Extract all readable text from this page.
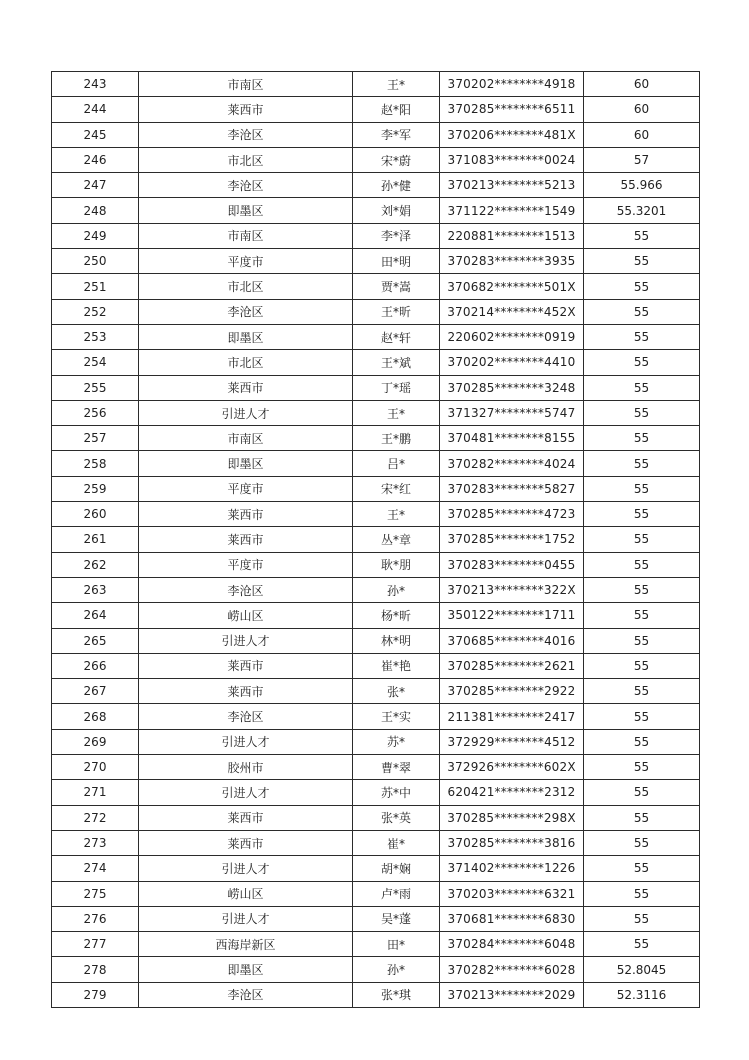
243	市南区	王*	370202********4918	60
244	莱西市	赵*阳	370285********6511	60
245	李沧区	李*军	370206********481X	60
246	市北区	宋*蔚	371083********0024	57
247	李沧区	孙*健	370213********5213	55.966
248	即墨区	刘*娟	371122********1549	55.3201
249	市南区	李*泽	220881********1513	55
250	平度市	田*明	370283********3935	55
251	市北区	贾*嵩	370682********501X	55
252	李沧区	王*昕	370214********452X	55
253	即墨区	赵*轩	220602********0919	55
254	市北区	王*斌	370202********4410	55
255	莱西市	丁*瑶	370285********3248	55
256	引进人才	王*	371327********5747	55
257	市南区	王*鹏	370481********8155	55
258	即墨区	吕*	370282********4024	55
259	平度市	宋*红	370283********5827	55
260	莱西市	王*	370285********4723	55
261	莱西市	丛*章	370285********1752	55
262	平度市	耿*朋	370283********0455	55
263	李沧区	孙*	370213********322X	55
264	崂山区	杨*昕	350122********1711	55
265	引进人才	林*明	370685********4016	55
266	莱西市	崔*艳	370285********2621	55
267	莱西市	张*	370285********2922	55
268	李沧区	王*实	211381********2417	55
269	引进人才	苏*	372929********4512	55
270	胶州市	曹*翠	372926********602X	55
271	引进人才	苏*中	620421********2312	55
272	莱西市	张*英	370285********298X	55
273	莱西市	崔*	370285********3816	55
274	引进人才	胡*娴	371402********1226	55
275	崂山区	卢*雨	370203********6321	55
276	引进人才	吴*蓬	370681********6830	55
277	西海岸新区	田*	370284********6048	55
278	即墨区	孙*	370282********6028	52.8045
279	李沧区	张*琪	370213********2029	52.3116
